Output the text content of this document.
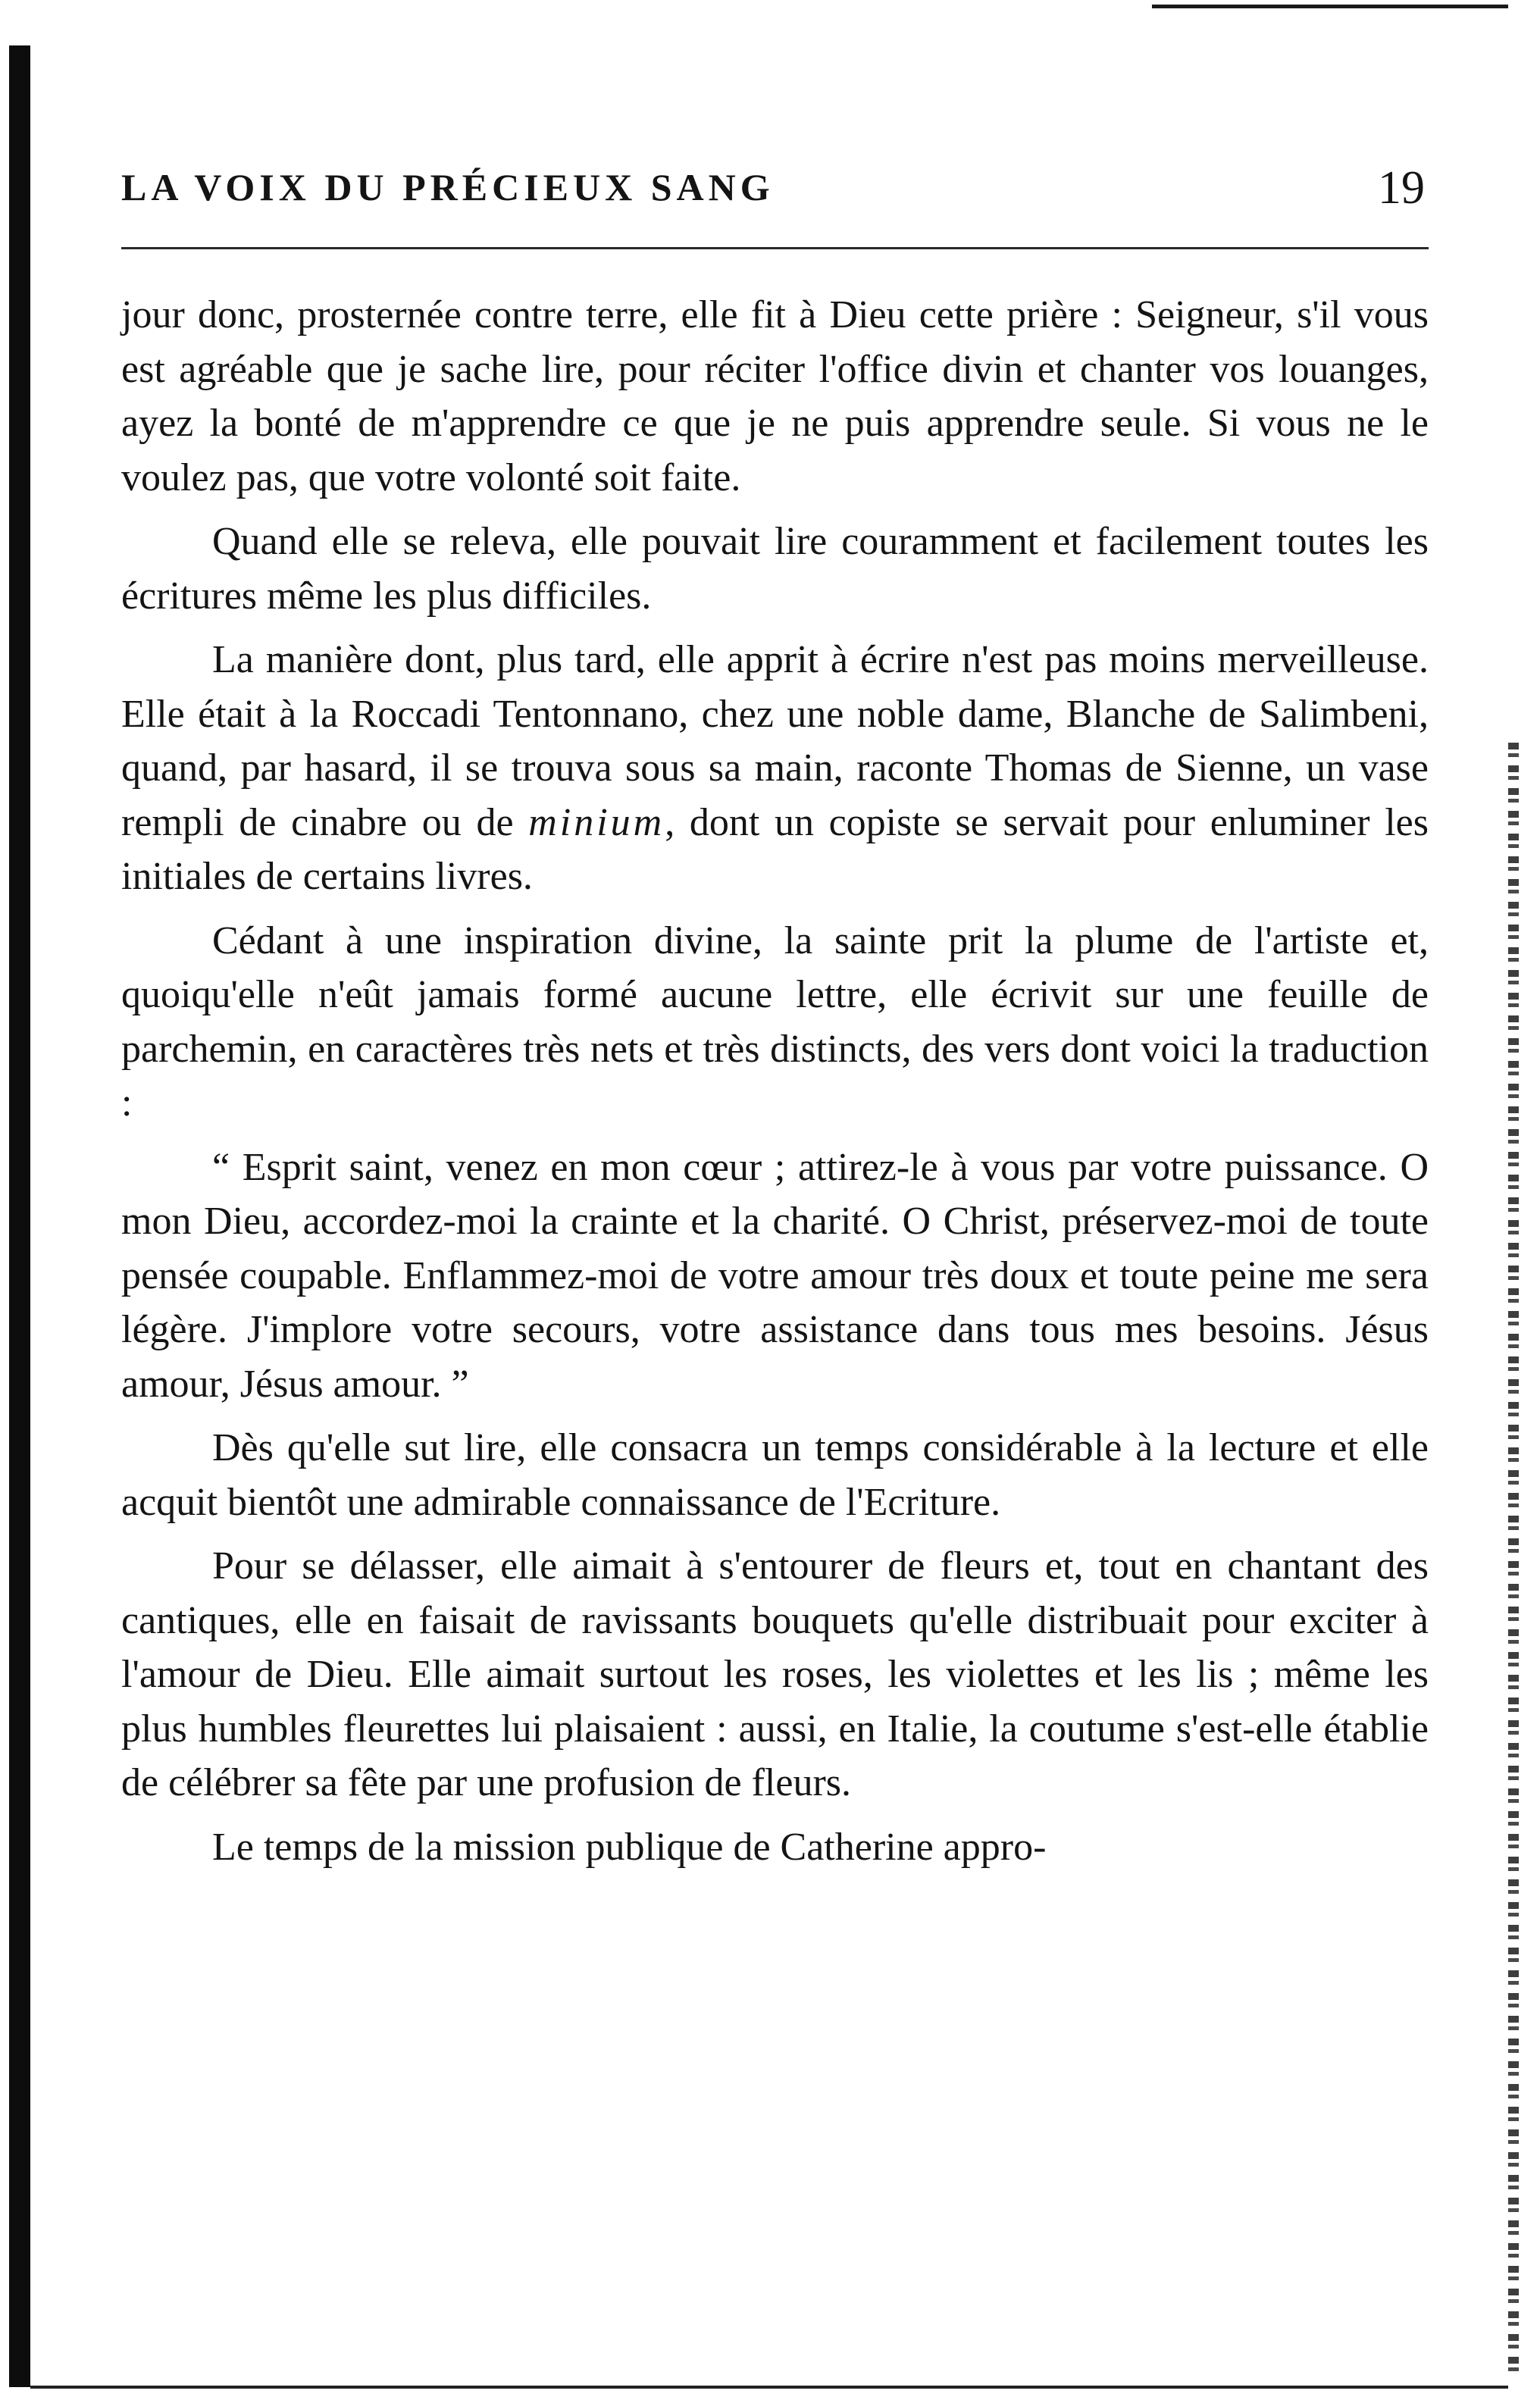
LA VOIX DU PRÉCIEUX SANG	19

jour donc, prosternée contre terre, elle fit à Dieu cette prière : Seigneur, s'il vous est agréable que je sache lire, pour réciter l'office divin et chanter vos louanges, ayez la bonté de m'apprendre ce que je ne puis apprendre seule. Si vous ne le voulez pas, que votre volonté soit faite.

Quand elle se releva, elle pouvait lire couramment et facilement toutes les écritures même les plus difficiles.

La manière dont, plus tard, elle apprit à écrire n'est pas moins merveilleuse. Elle était à la Roccadi Tentonnano, chez une noble dame, Blanche de Salimbeni, quand, par hasard, il se trouva sous sa main, raconte Thomas de Sienne, un vase rempli de cinabre ou de minium, dont un copiste se servait pour enluminer les initiales de certains livres.

Cédant à une inspiration divine, la sainte prit la plume de l'artiste et, quoiqu'elle n'eût jamais formé aucune lettre, elle écrivit sur une feuille de parchemin, en caractères très nets et très distincts, des vers dont voici la traduction :

“ Esprit saint, venez en mon cœur ; attirez-le à vous par votre puissance. O mon Dieu, accordez-moi la crainte et la charité. O Christ, préservez-moi de toute pensée coupable. Enflammez-moi de votre amour très doux et toute peine me sera légère. J'implore votre secours, votre assistance dans tous mes besoins. Jésus amour, Jésus amour. ”

Dès qu'elle sut lire, elle consacra un temps considérable à la lecture et elle acquit bientôt une admirable connaissance de l'Ecriture.

Pour se délasser, elle aimait à s'entourer de fleurs et, tout en chantant des cantiques, elle en faisait de ravissants bouquets qu'elle distribuait pour exciter à l'amour de Dieu. Elle aimait surtout les roses, les violettes et les lis ; même les plus humbles fleurettes lui plaisaient : aussi, en Italie, la coutume s'est-elle établie de célébrer sa fête par une profusion de fleurs.

Le temps de la mission publique de Catherine appro-
